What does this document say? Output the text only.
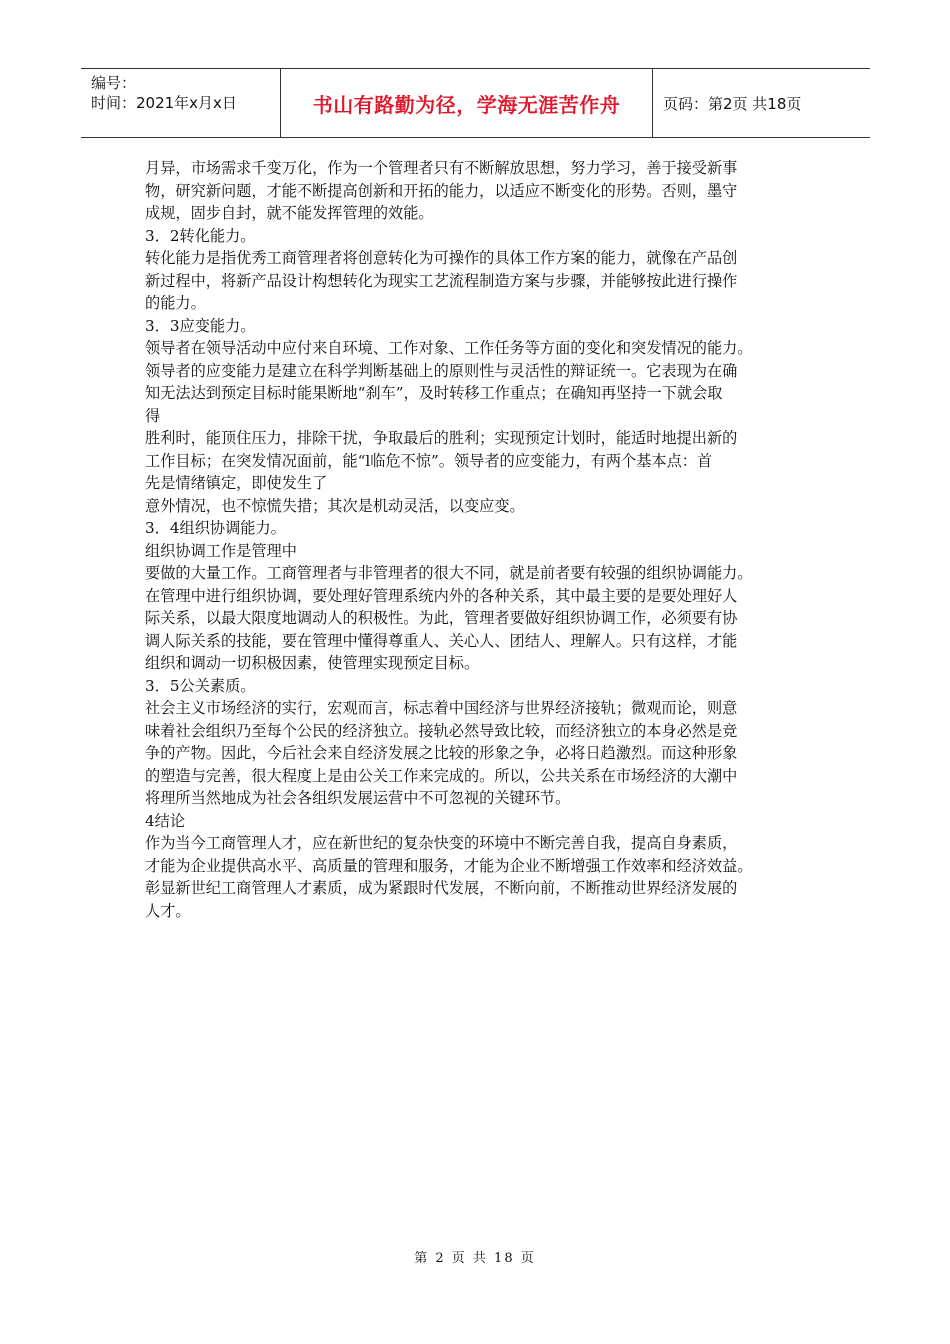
编号：
时间：2021年x月x日	书山有路勤为径，学海无涯苦作舟	页码：第2页 共18页

月异，市场需求千变万化，作为一个管理者只有不断解放思想，努力学习，善于接受新事

物，研究新问题，才能不断提高创新和开拓的能力，以适应不断变化的形势。否则，墨守

成规，固步自封，就不能发挥管理的效能。

3．2转化能力。

转化能力是指优秀工商管理者将创意转化为可操作的具体工作方案的能力，就像在产品创

新过程中，将新产品设计构想转化为现实工艺流程制造方案与步骤，并能够按此进行操作

的能力。

3．3应变能力。

领导者在领导活动中应付来自环境、工作对象、工作任务等方面的变化和突发情况的能力。

领导者的应变能力是建立在科学判断基础上的原则性与灵活性的辩证统一。它表现为在确

知无法达到预定目标时能果断地“刹车”，及时转移工作重点；在确知再坚持一下就会取

得

胜利时，能顶住压力，排除干扰，争取最后的胜利；实现预定计划时，能适时地提出新的

工作目标；在突发情况面前，能“l临危不惊”。领导者的应变能力，有两个基本点：首

先是情绪镇定，即使发生了

意外情况，也不惊慌失措；其次是机动灵活，以变应变。

3．4组织协调能力。

组织协调工作是管理中

要做的大量工作。工商管理者与非管理者的很大不同，就是前者要有较强的组织协调能力。

在管理中进行组织协调，要处理好管理系统内外的各种关系，其中最主要的是要处理好人

际关系，以最大限度地调动人的积极性。为此，管理者要做好组织协调工作，必须要有协

调人际关系的技能，要在管理中懂得尊重人、关心人、团结人、理解人。只有这样，才能

组织和调动一切积极因素，使管理实现预定目标。

3．5公关素质。

社会主义市场经济的实行，宏观而言，标志着中国经济与世界经济接轨；微观而论，则意

味着社会组织乃至每个公民的经济独立。接轨必然导致比较，而经济独立的本身必然是竞

争的产物。因此，今后社会来自经济发展之比较的形象之争，必将日趋激烈。而这种形象

的塑造与完善，很大程度上是由公关工作来完成的。所以，公共关系在市场经济的大潮中

将理所当然地成为社会各组织发展运营中不可忽视的关键环节。

4结论

作为当今工商管理人才，应在新世纪的复杂快变的环境中不断完善自我，提高自身素质，

才能为企业提供高水平、高质量的管理和服务，才能为企业不断增强工作效率和经济效益。

彰显新世纪工商管理人才素质，成为紧跟时代发展，不断向前，不断推动世界经济发展的

人才。

第 2 页 共 18 页
